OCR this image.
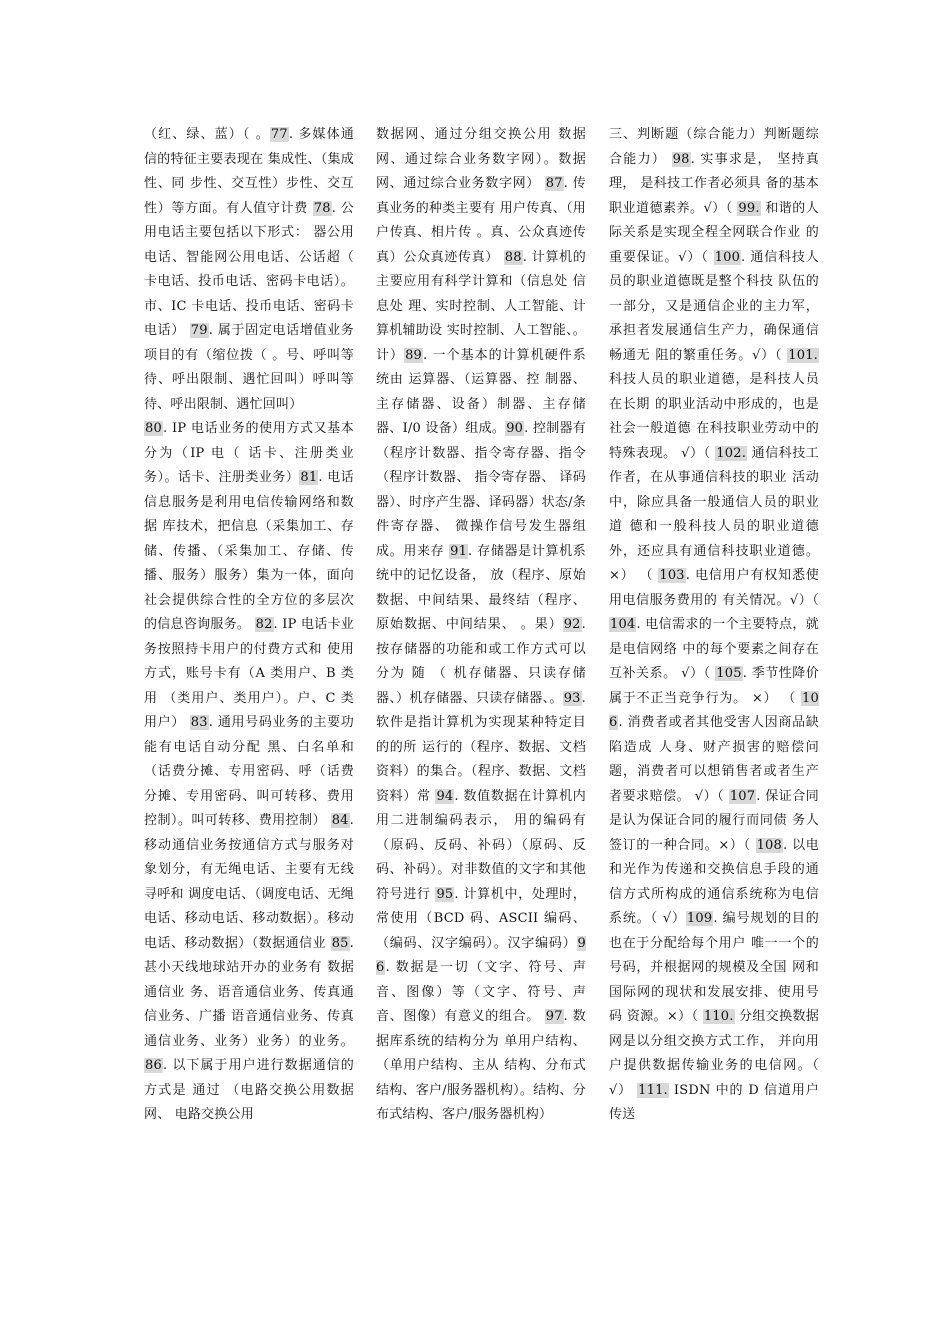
（红、绿、蓝）（ 。77. 多媒体通信的特征主要表现在 集成性、（集成性、同 步性、交互性）步性、交互性）等方面。有人值守计费 78. 公用电话主要包括以下形式： 器公用电话、智能网公用电话、公话超（ 卡电话、投币电话、密码卡电话）。市、IC 卡电话、投币电话、密码卡电话） 79. 属于固定电话增值业务项目的有（缩位拨（ 。号、呼叫等待、呼出限制、遇忙回叫）呼叫等待、呼出限制、遇忙回叫）
80. IP 电话业务的使用方式又基本分为（IP 电（ 话卡、注册类业务）。话卡、注册类业务）81. 电话信息服务是利用电信传输网络和数据 库技术，把信息（采集加工、存储、传播、（采集加工、存储、传播、服务）服务）集为一体，面向社会提供综合性的全方位的多层次的信息咨询服务。 82. IP 电话卡业务按照持卡用户的付费方式和 使用方式，账号卡有（A 类用户、B 类用 （类用户、类用户）。户、C 类用户） 83. 通用号码业务的主要功能有电话自动分配 黑、白名单和（话费分摊、专用密码、呼（话费分摊、专用密码、叫可转移、费用控制）。叫可转移、费用控制） 84. 移动通信业务按通信方式与服务对象划分，有无绳电话、主要有无线寻呼和 调度电话、（调度电话、无绳电话、移动电话、移动数据）。移动电话、移动数据）（数据通信业 85. 甚小天线地球站开办的业务有 数据通信业 务、语音通信业务、传真通信业务、广播 语音通信业务、传真通信业务、业务）业务）的业务。 86. 以下属于用户进行数据通信的方式是 通过 （电路交换公用数据网、 电路交换公用
数据网、通过分组交换公用 数据网、通过综合业务数字网）。数据网、通过综合业务数字网） 87. 传真业务的种类主要有 用户传真、（用户传真、相片传 。真、公众真迹传真）公众真迹传真） 88. 计算机的主要应用有科学计算和（信息处 信息处 理、实时控制、人工智能、计算机辅助设 实时控制、人工智能、。计）89. 一个基本的计算机硬件系统由 运算器、（运算器、控 制器、主存储器、设备）制器、主存储器、I/0 设备）组成。90. 控制器有（程序计数器、指令寄存器、指令（程序计数器、 指令寄存器、 译码器）、时序产生器、译码器）状态/条件寄存器、 微操作信号发生器组成。用来存 91. 存储器是计算机系统中的记忆设备， 放（程序、原始数据、中间结果、最终结（程序、原始数据、中间结果、 。果）92. 按存储器的功能和或工作方式可以分为 随 （ 机存储器、只读存储器、）机存储器、只读存储器、。93. 软件是指计算机为实现某种特定目的的所 运行的（程序、数据、文档资料）的集合。（程序、数据、文档资料）常 94. 数值数据在计算机内用二进制编码表示， 用的编码有（原码、反码、补码）（原码、反码、补码）。对非数值的文字和其他符号进行 95. 计算机中，处理时，常使用（BCD 码、ASCII 编码、（编码、汉字编码）。汉字编码）96. 数据是一切（文字、符号、声音、图像）等（文字、符号、声音、图像）有意义的组合。 97. 数据库系统的结构分为 单用户结构、（单用户结构、主从 结构、分布式结构、客户/服务器机构）。结构、分布式结构、客户/服务器机构）
三、判断题（综合能力）判断题综合能力） 98. 实事求是， 坚持真理， 是科技工作者必须具 备的基本职业道德素养。√）（ 99. 和谐的人际关系是实现全程全网联合作业 的重要保证。√）（ 100. 通信科技人员的职业道德既是整个科技 队伍的一部分，又是通信企业的主力军， 承担者发展通信生产力，确保通信畅通无 阻的繁重任务。√）（ 101. 科技人员的职业道德，是科技人员在长期 的职业活动中形成的，也是社会一般道德 在科技职业劳动中的特殊表现。 √）（ 102. 通信科技工作者，在从事通信科技的职业 活动中，除应具备一般通信人员的职业道 德和一般科技人员的职业道德外，还应具有通信科技职业道德。 ×） （ 103. 电信用户有权知悉使用电信服务费用的 有关情况。√）（ 104. 电信需求的一个主要特点，就是电信网络 中的每个要素之间存在互补关系。 √）（ 105. 季节性降价属于不正当竞争行为。 ×） （ 106. 消费者或者其他受害人因商品缺陷造成 人身、财产损害的赔偿问题，消费者可以想销售者或者生产者要求赔偿。 √）（ 107. 保证合同是认为保证合同的履行而同债 务人签订的一种合同。×）（ 108. 以电和光作为传递和交换信息手段的通信方式所构成的通信系统称为电信系统。（ √）109. 编号规划的目的也在于分配给每个用户 唯一一个的号码，并根据网的规模及全国 网和国际网的现状和发展安排、使用号码 资源。×）（ 110. 分组交换数据网是以分组交换方式工作， 并向用户提供数据传输业务的电信网。（ √） 111. ISDN 中的 D 信道用户传送
